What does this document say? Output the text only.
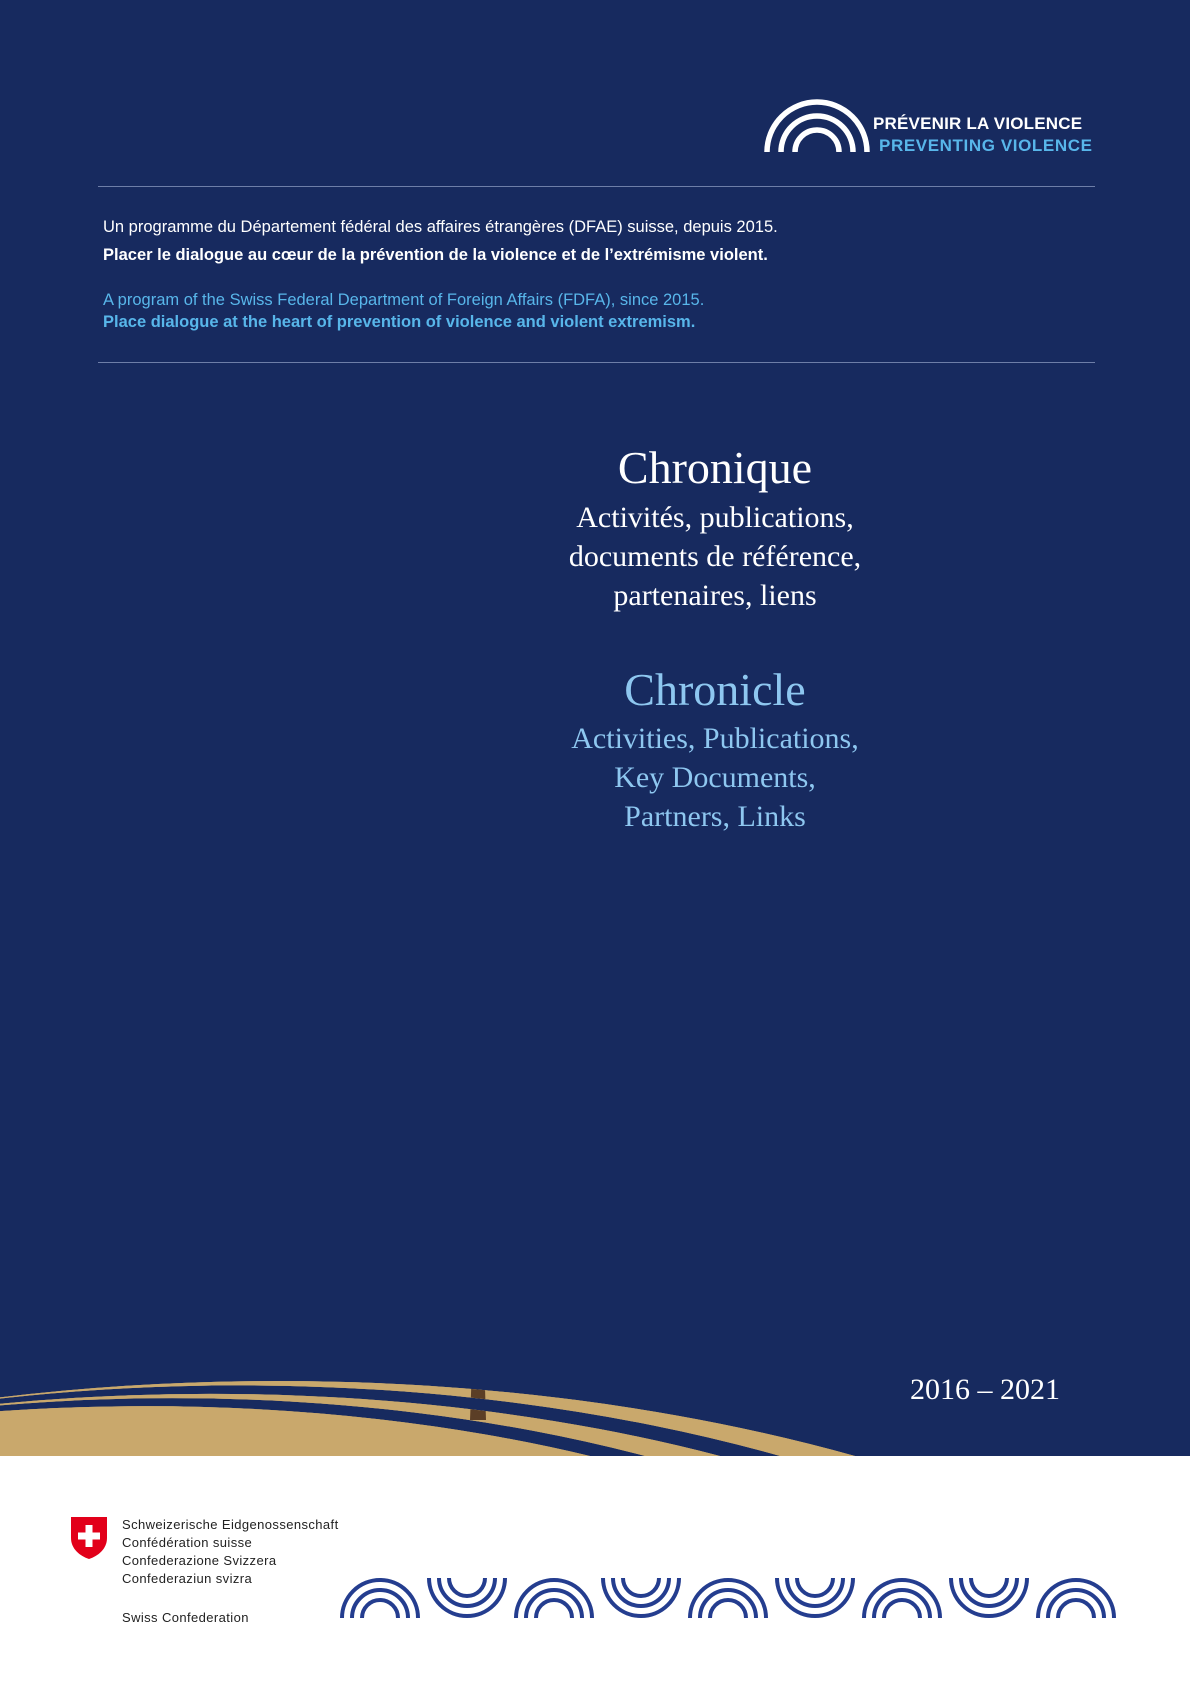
PRÉVENIR LA VIOLENCE
PREVENTING VIOLENCE
Un programme du Département fédéral des affaires étrangères (DFAE) suisse, depuis 2015.
Placer le dialogue au cœur de la prévention de la violence et de l’extrémisme violent.
A program of the Swiss Federal Department of Foreign Affairs (FDFA), since 2015.
Place dialogue at the heart of prevention of violence and violent extremism.
Chronique
Activités, publications,
documents de référence,
partenaires, liens
Chronicle
Activities, Publications,
Key Documents,
Partners, Links
2016 – 2021
Schweizerische Eidgenossenschaft
Confédération suisse
Confederazione Svizzera
Confederaziun svizra
Swiss Confederation
